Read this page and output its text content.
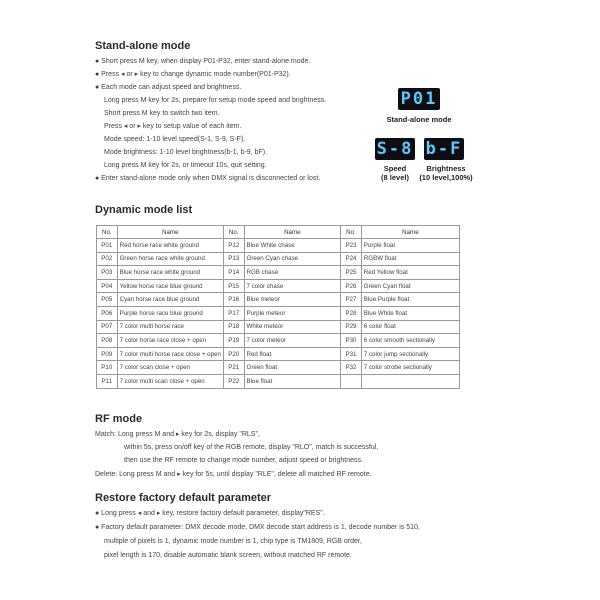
Stand-alone mode
● Short press M key, when display P01-P32, enter stand-alone mode.
● Press ◂ or ▸ key to change dynamic mode number(P01-P32).
● Each mode can adjust speed and brightness.
Long press M key for 2s, prepare for setup mode speed and brightness.
Short press M key to switch two item.
Press ◂ or ▸ key to setup value of each item.
Mode speed: 1-10 level speed(S-1, S-9, S-F).
Mode brightness: 1-10 level brightness(b-1, b-9, bF).
Long press M key for 2s, or timeout 10s, quit setting.
● Enter stand-alone mode only when DMX signal is disconnected or lost.
P01
Stand-alone mode
S-8 b-F
Speed
(8 level)
Brightness
(10 level,100%)
Dynamic mode list
No.	Name	No.	Name	No.	Name
P01	Red horse race white ground	P12	Blue White chase	P23	Purple float
P02	Green horse race white ground	P13	Green Cyan chase	P24	RGBW float
P03	Blue horse race white ground	P14	RGB chase	P25	Red Yellow float
P04	Yellow horse race blue ground	P15	7 color chase	P26	Green Cyan float
P05	Cyan horse race blue ground	P16	Blue meteor	P27	Blue Purple float
P06	Purple horse race blue ground	P17	Purple meteor	P28	Blue White float
P07	7 color multi horse race	P18	White meteor	P29	6 color float
P08	7 color horse race close + open	P19	7 color meteor	P30	6 color smooth sectionally
P09	7 color multi horse race close + open	P20	Red float	P31	7 color jump sectionally
P10	7 color scan close + open	P21	Green float	P32	7 color strobe sectionally
P11	7 color multi scan close + open	P22	Blue float		
RF mode
Match: Long press M and ▸ key for 2s, display "RLS",
within 5s, press on/off key of the RGB remote, display "RLO", match is successful,
then use the RF remote to change mode number, adjust speed or brightness.
Delete: Long press M and ▸ key for 5s, until display "RLE", delete all matched RF remote.
Restore factory default parameter
● Long press ◂ and ▸ key, restore factory default parameter, display"RES".
● Factory default parameter: DMX decode mode, DMX decode start address is 1, decode number is 510,
multiple of pixels is 1, dynamic mode number is 1, chip type is TM1809, RGB order,
pixel length is 170, disable automatic blank screen, without matched RF remote.
